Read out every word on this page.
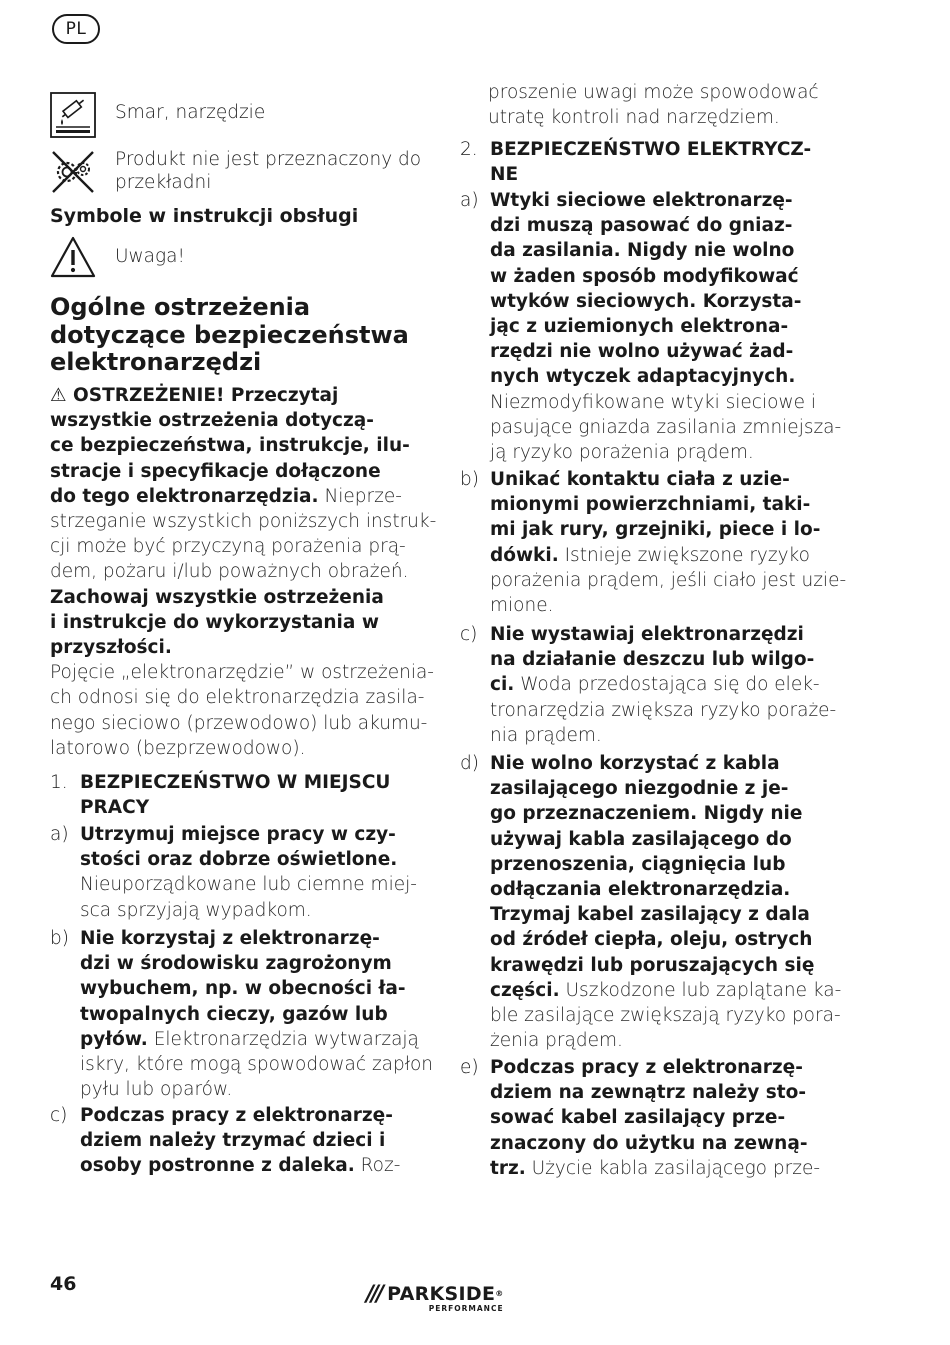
PL
Smar, narzędzie
Produkt nie jest przeznaczony do
przekładni
Symbole w instrukcji obsługi
Uwaga!
Ogólne ostrzeżenia
dotyczące bezpieczeństwa
elektronarzędzi
⚠ OSTRZEŻENIE! Przeczytaj
wszystkie ostrzeżenia dotyczą-
ce bezpieczeństwa, instrukcje, ilu-
stracje i specyfikacje dołączone
do tego elektronarzędzia. Nieprze-
strzeganie wszystkich poniższych instruk-
cji może być przyczyną porażenia prą-
dem, pożaru i/lub poważnych obrażeń.
Zachowaj wszystkie ostrzeżenia
i instrukcje do wykorzystania w
przyszłości.
Pojęcie „elektronarzędzie” w ostrzeżenia-
ch odnosi się do elektronarzędzia zasila-
nego sieciowo (przewodowo) lub akumu-
latorowo (bezprzewodowo).
1. BEZPIECZEŃSTWO W MIEJSCU
PRACY
a) Utrzymuj miejsce pracy w czy-
stości oraz dobrze oświetlone.
Nieuporządkowane lub ciemne miej-
sca sprzyjają wypadkom.
b) Nie korzystaj z elektronarzę-
dzi w środowisku zagrożonym
wybuchem, np. w obecności ła-
twopalnych cieczy, gazów lub
pyłów. Elektronarzędzia wytwarzają
iskry, które mogą spowodować zapłon
pyłu lub oparów.
c) Podczas pracy z elektronarzę-
dziem należy trzymać dzieci i
osoby postronne z daleka. Roz-
proszenie uwagi może spowodować
utratę kontroli nad narzędziem.
2. BEZPIECZEŃSTWO ELEKTRYCZ-
NE
a) Wtyki sieciowe elektronarzę-
dzi muszą pasować do gniaz-
da zasilania. Nigdy nie wolno
w żaden sposób modyfikować
wtyków sieciowych. Korzysta-
jąc z uziemionych elektrona-
rzędzi nie wolno używać żad-
nych wtyczek adaptacyjnych.
Niezmodyfikowane wtyki sieciowe i
pasujące gniazda zasilania zmniejsza-
ją ryzyko porażenia prądem.
b) Unikać kontaktu ciała z uzie-
mionymi powierzchniami, taki-
mi jak rury, grzejniki, piece i lo-
dówki. Istnieje zwiększone ryzyko
porażenia prądem, jeśli ciało jest uzie-
mione.
c) Nie wystawiaj elektronarzędzi
na działanie deszczu lub wilgo-
ci. Woda przedostająca się do elek-
tronarzędzia zwiększa ryzyko poraże-
nia prądem.
d) Nie wolno korzystać z kabla
zasilającego niezgodnie z je-
go przeznaczeniem. Nigdy nie
używaj kabla zasilającego do
przenoszenia, ciągnięcia lub
odłączania elektronarzędzia.
Trzymaj kabel zasilający z dala
od źródeł ciepła, oleju, ostrych
krawędzi lub poruszających się
części. Uszkodzone lub zaplątane ka-
ble zasilające zwiększają ryzyko pora-
żenia prądem.
e) Podczas pracy z elektronarzę-
dziem na zewnątrz należy sto-
sować kabel zasilający prze-
znaczony do użytku na zewną-
trz. Użycie kabla zasilającego prze-
46	/// PARKSIDE®
PERFORMANCE
